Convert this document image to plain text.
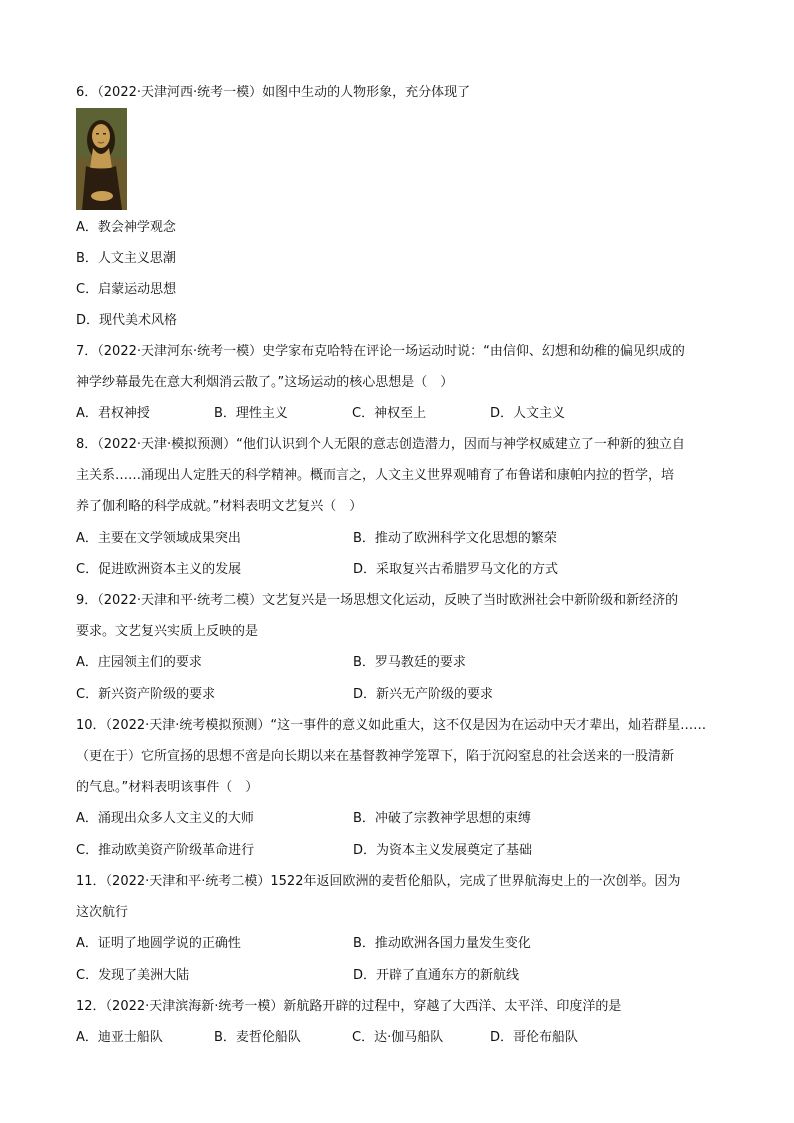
6．（2022·天津河西·统考一模）如图中生动的人物形象，充分体现了
A．教会神学观念
B．人文主义思潮
C．启蒙运动思想
D．现代美术风格
7．（2022·天津河东·统考一模）史学家布克哈特在评论一场运动时说：“由信仰、幻想和幼稚的偏见织成的
神学纱幕最先在意大利烟消云散了。”这场运动的核心思想是（　）
A．君权神授	B．理性主义	C．神权至上	D．人文主义
8．（2022·天津·模拟预测）“他们认识到个人无限的意志创造潜力，因而与神学权威建立了一种新的独立自
主关系……涌现出人定胜天的科学精神。概而言之，人文主义世界观哺育了布鲁诺和康帕内拉的哲学，培
养了伽利略的科学成就。”材料表明文艺复兴（　）
A．主要在文学领域成果突出	B．推动了欧洲科学文化思想的繁荣
C．促进欧洲资本主义的发展	D．采取复兴古希腊罗马文化的方式
9．（2022·天津和平·统考二模）文艺复兴是一场思想文化运动，反映了当时欧洲社会中新阶级和新经济的
要求。文艺复兴实质上反映的是
A．庄园领主们的要求	B．罗马教廷的要求
C．新兴资产阶级的要求	D．新兴无产阶级的要求
10．（2022·天津·统考模拟预测）“这一事件的意义如此重大，这不仅是因为在运动中天才辈出，灿若群星……
（更在于）它所宣扬的思想不啻是向长期以来在基督教神学笼罩下，陷于沉闷窒息的社会送来的一股清新
的气息。”材料表明该事件（　）
A．涌现出众多人文主义的大师	B．冲破了宗教神学思想的束缚
C．推动欧美资产阶级革命进行	D．为资本主义发展奠定了基础
11．（2022·天津和平·统考二模）1522年返回欧洲的麦哲伦船队，完成了世界航海史上的一次创举。因为
这次航行
A．证明了地圆学说的正确性	B．推动欧洲各国力量发生变化
C．发现了美洲大陆	D．开辟了直通东方的新航线
12．（2022·天津滨海新·统考一模）新航路开辟的过程中，穿越了大西洋、太平洋、印度洋的是
A．迪亚士船队	B．麦哲伦船队	C．达·伽马船队	D．哥伦布船队
